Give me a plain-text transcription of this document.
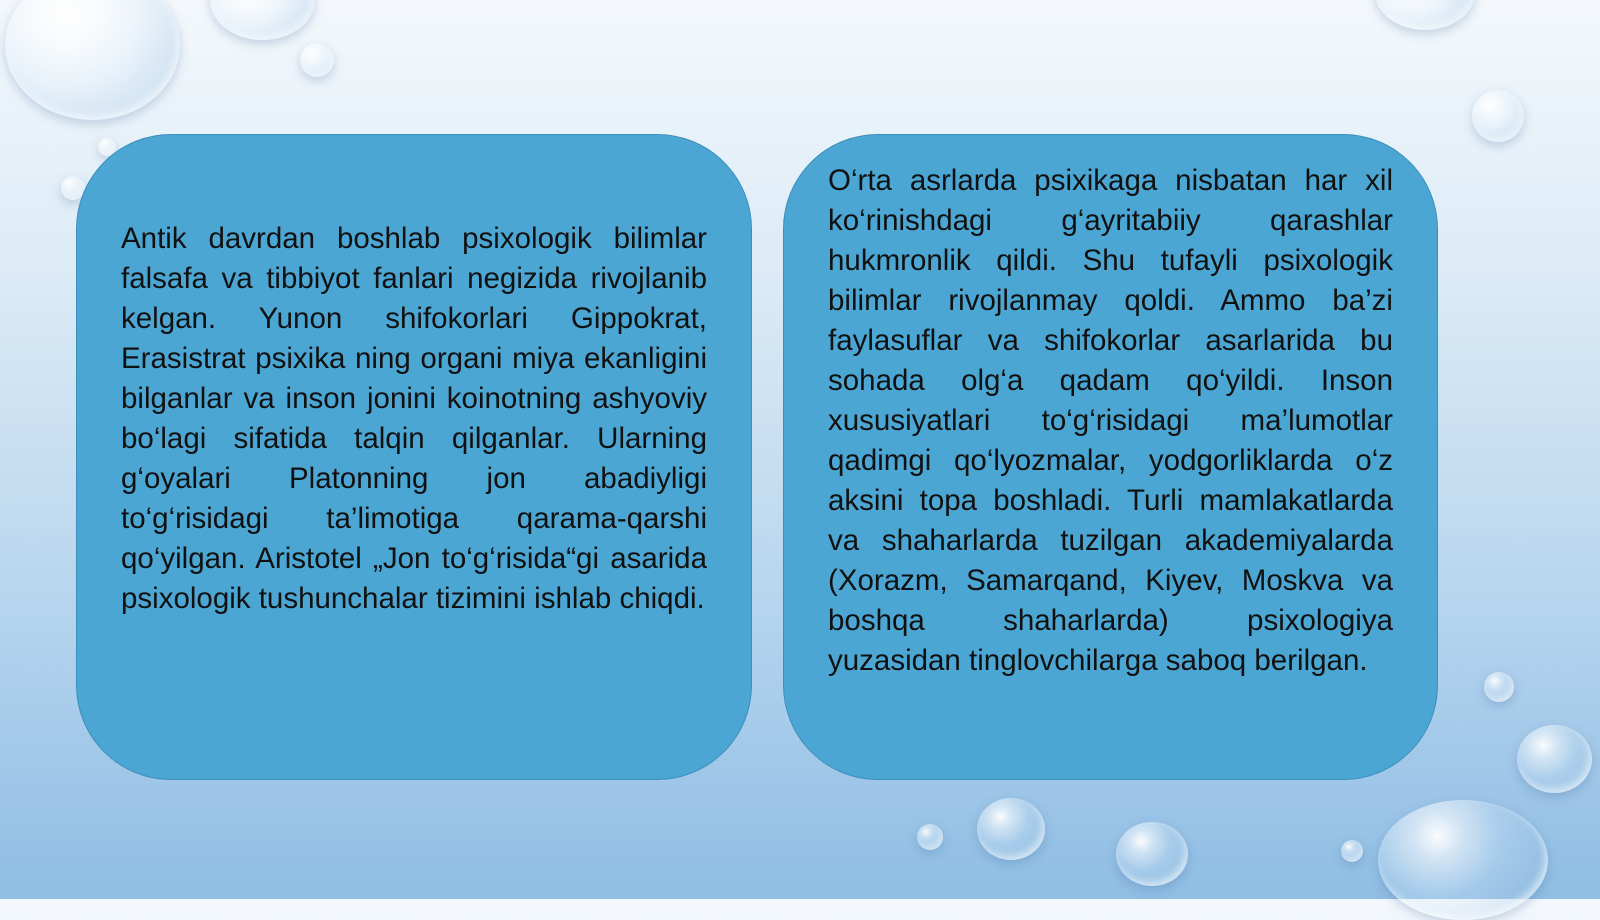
Antik davrdan boshlab psixologik bilimlar falsafa va tibbiyot fanlari negizida rivojlanib kelgan. Yunon shifokorlari Gippokrat, Erasistrat psixika ning organi miya ekanligini bilganlar va inson jonini koinotning ashyoviy bo‘lagi sifatida talqin qilganlar. Ularning g‘oyalari Platonning jon abadiyligi to‘g‘risidagi ta’limotiga qarama-qarshi qo‘yilgan. Aristotel „Jon to‘g‘risida“gi asarida psixologik tushunchalar tizimini ishlab chiqdi.

O‘rta asrlarda psixikaga nisbatan har xil ko‘rinishdagi g‘ayritabiiy qarashlar hukmronlik qildi. Shu tufayli psixologik bilimlar rivojlanmay qoldi. Ammo ba’zi faylasuflar va shifokorlar asarlarida bu sohada olg‘a qadam qo‘yildi. Inson xususiyatlari to‘g‘risidagi ma’lumotlar qadimgi qo‘lyozmalar, yodgorliklarda o‘z aksini topa boshladi. Turli mamlakatlarda va shaharlarda tuzilgan akademiyalarda (Xorazm, Samarqand, Kiyev, Moskva va boshqa shaharlarda) psixologiya yuzasidan tinglovchilarga saboq berilgan.
